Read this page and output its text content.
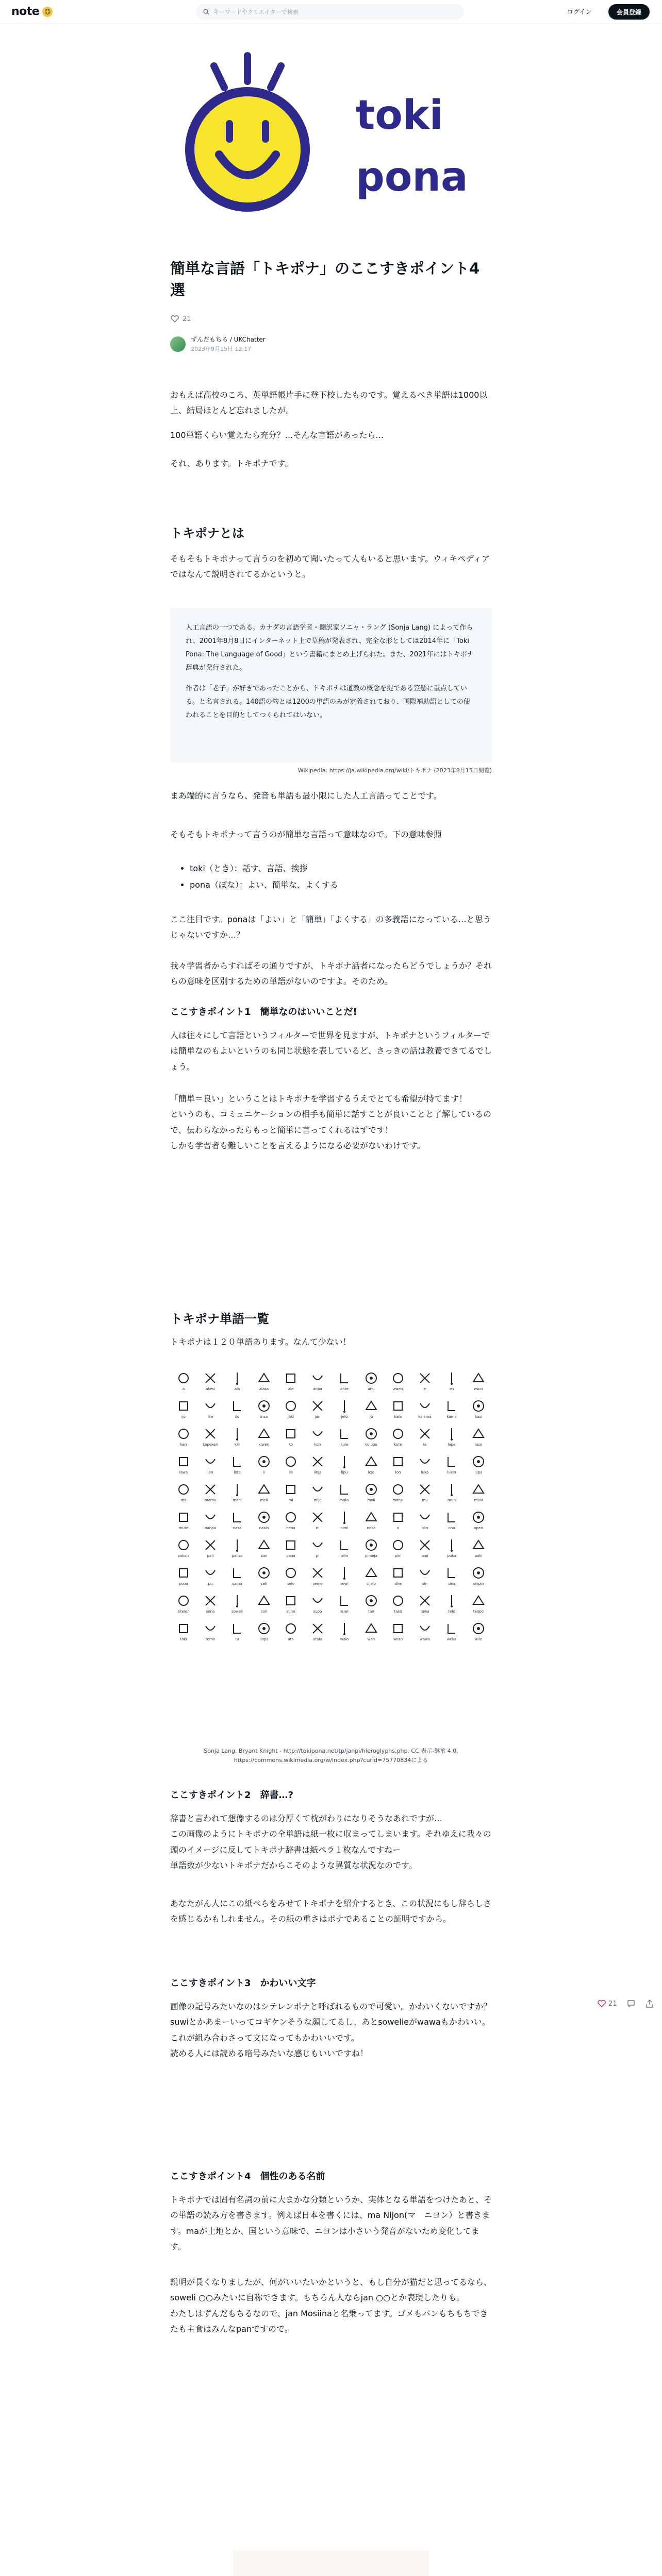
note ☺
キーワードやクリエイターで検索	ログイン	会員登録
toki
pona
簡単な言語「トキポナ」のここすきポイント4選
21
ずんだもちる / UKChatter
2023年9月15日 12:17

おもえば高校のころ、英単語帳片手に登下校したものです。覚えるべき単語は1000以上、結局ほとんど忘れましたが。

100単語くらい覚えたら充分？…そんな言語があったら…

それ、あります。トキポナです。

トキポナとは

そもそもトキポナって言うのを初めて聞いたって人もいると思います。ウィキペディアではなんて説明されてるかというと。

人工言語の一つである。カナダの言語学者・翻訳家ソニャ・ラング (Sonja Lang) によって作られ、2001年8月8日にインターネット上で草稿が発表され、完全な形としては2014年に「Toki Pona: The Language of Good」という書籍にまとめ上げられた。また、2021年にはトキポナ辞典が発行された。

作者は「老子」が好きであったことから、トキポナは道教の概念を捉である笠懸に重点している。と名言される。140語の約とは1200の単語のみが定義されており、国際補助語としての使われることを目的としてつくられてはいない。

Wikipedia: https://ja.wikipedia.org/wiki/トキポナ (2023年8月15日閲覧)

まあ端的に言うなら、発音も単語も最小限にした人工言語ってことです。

そもそもトキポナって言うのが簡単な言語って意味なので。下の意味参照

• toki（とき）：話す、言語、挨拶
• pona（ぽな）：よい、簡単な、よくする

ここ注目です。ponaは「よい」と「簡単」「よくする」の多義語になっている…と思うじゃないですか…？

我々学習者からすればその通りですが、トキポナ話者になったらどうでしょうか？それらの意味を区別するための単語がないのですよ。そのため。

ここすきポイント1　簡単なのはいいことだ!

人は往々にして言語というフィルターで世界を見ますが、トキポナというフィルターでは簡単なのもよいというのも同じ状態を表しているど、さっきの話は教養できてるでしょう。

「簡単＝良い」ということはトキポナを学習するうえでとても希望が持てます！
というのも、コミュニケーションの相手も簡単に話すことが良いことと了解しているので、伝わらなかったらもっと簡単に言ってくれるはずです！
しかも学習者も難しいことを言えるようになる必要がないわけです。

トキポナ単語一覧

トキポナは１２０単語あります。なんて少ない！

a	akesi	ala	alasa	ale	anpa	ante	anu	awen	e	en	esun
ijo	ike	ilo	insa	jaki	jan	jelo	jo	kala	kalama	kama	kasi
ken	kepeken	kili	kiwen	ko	kon	kule	kulupu	kute	la	lape	laso
lawa	len	lete	li	lili	linja	lipu	loje	lon	luka	lukin	lupa
ma	mama	mani	meli	mi	mije	moku	moli	monsi	mu	mun	musi
mute	nanpa	nasa	nasin	nena	ni	nimi	noka	o	olin	ona	open
pakala	pali	palisa	pan	pana	pi	pilin	pimeja	pini	pipi	poka	poki
pona	pu	sama	seli	selo	seme	sewi	sijelo	sike	sin	sina	sinpin
sitelen	sona	soweli	suli	suno	supa	suwi	tan	taso	tawa	telo	tenpo
toki	tomo	tu	unpa	uta	utala	walo	wan	waso	wawa	weka	wile
Sonja Lang, Bryant Knight - http://tokipona.net/tp/janpi/hieroglyphs.php, CC 表示-継承 4.0, https://commons.wikimedia.org/w/index.php?curid=75770834による
ここすきポイント2　辞書…?

辞書と言われて想像するのは分厚くて枕がわりになりそうなあれですが…
この画像のようにトキポナの全単語は紙一枚に収まってしまいます。それゆえに我々の頭のイメージに反してトキポナ辞書は紙ペラ１枚なんですねー
単語数が少ないトキポナだからこそのような異質な状況なのです。

あなたがん人にこの紙ぺらをみせてトキポナを紹介するとき、この状況にもし辞らしさを感じるかもしれません。その紙の重さはポナであることの証明ですから。

ここすきポイント3　かわいい文字

画像の記号みたいなのはシテレンポナと呼ばれるもので可愛い。かわいくないですか？suwiとかあまーいってコギケンそうな顔してるし、あとsowelieがwawaもかわいい。
これが組み合わさって文になってもかわいいです。
読める人には読める暗号みたいな感じもいいですね！

ここすきポイント4　個性のある名前

トキポナでは固有名詞の前に大まかな分類というか、実体となる単語をつけたあと、その単語の読み方を書きます。例えば日本を書くには、ma Nijon(マ　ニヨン）と書きます。maが土地とか、国という意味で、ニヨンは小さいう発音がないため変化してます。

説明が長くなりましたが、何がいいたいかというと、もし自分が猫だと思ってるなら、soweli ○○みたいに自称できます。もちろん人ならjan ○○とか表現したりも。
わたしはずんだもちるなので、jan Mosiinaと名乗ってます。ゴメもパンもちもちできたも主食はみんなpanですので。

21
